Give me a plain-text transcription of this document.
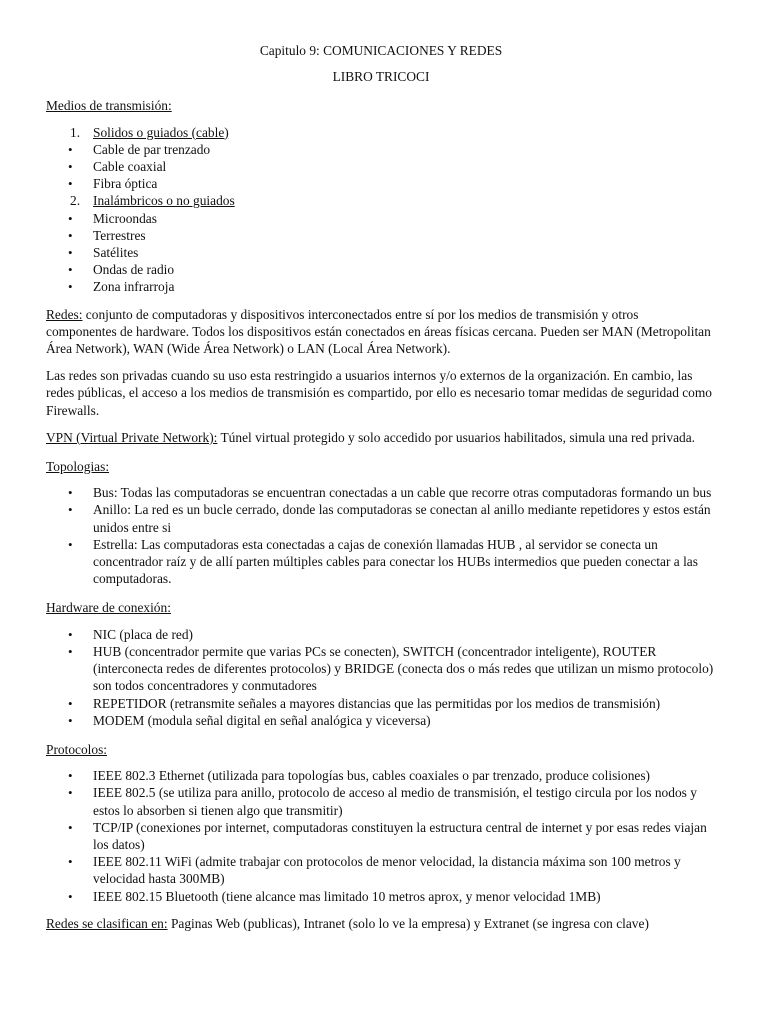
Capitulo 9: COMUNICACIONES Y REDES

LIBRO TRICOCI

Medios de transmisión:

1. Solidos o guiados (cable)
•
Cable de par trenzado
•
Cable coaxial
•
Fibra óptica
2. Inalámbricos o no guiados
•
Microondas
•
Terrestres
•
Satélites
•
Ondas de radio
•
Zona infrarroja

Redes: conjunto de computadoras y dispositivos interconectados entre sí por los medios de transmisión y otros componentes de hardware. Todos los dispositivos están conectados en áreas físicas cercana. Pueden ser MAN (Metropolitan Área Network), WAN (Wide Área Network) o LAN (Local Área Network).

Las redes son privadas cuando su uso esta restringido a usuarios internos y/o externos de la organización. En cambio, las redes públicas, el acceso a los medios de transmisión es compartido, por ello es necesario tomar medidas de seguridad como Firewalls.

VPN (Virtual Private Network): Túnel virtual protegido y solo accedido por usuarios habilitados, simula una red privada.

Topologias:

•
Bus: Todas las computadoras se encuentran conectadas a un cable que recorre otras computadoras formando un bus
•
Anillo: La red es un bucle cerrado, donde las computadoras se conectan al anillo mediante repetidores y estos están unidos entre si
•
Estrella: Las computadoras esta conectadas a cajas de conexión llamadas HUB , al servidor se conecta un concentrador raíz y de allí parten múltiples cables para conectar los HUBs intermedios que pueden conectar a las computadoras.

Hardware de conexión:

•
NIC (placa de red)
•
HUB (concentrador permite que varias PCs se conecten), SWITCH (concentrador inteligente), ROUTER (interconecta redes de diferentes protocolos) y BRIDGE (conecta dos o más redes que utilizan un mismo protocolo) son todos concentradores y conmutadores
•
REPETIDOR (retransmite señales a mayores distancias que las permitidas por los medios de transmisión)
•
MODEM (modula señal digital en señal analógica y viceversa)

Protocolos:

•
IEEE 802.3 Ethernet (utilizada para topologías bus, cables coaxiales o par trenzado, produce colisiones)
•
IEEE 802.5 (se utiliza para anillo, protocolo de acceso al medio de transmisión, el testigo circula por los nodos y estos lo absorben si tienen algo que transmitir)
•
TCP/IP (conexiones por internet, computadoras constituyen la estructura central de internet y por esas redes viajan los datos)
•
IEEE 802.11 WiFi (admite trabajar con protocolos de menor velocidad, la distancia máxima son 100 metros y velocidad hasta 300MB)
•
IEEE 802.15 Bluetooth (tiene alcance mas limitado 10 metros aprox, y menor velocidad 1MB)

Redes se clasifican en: Paginas Web (publicas), Intranet (solo lo ve la empresa) y Extranet (se ingresa con clave)
